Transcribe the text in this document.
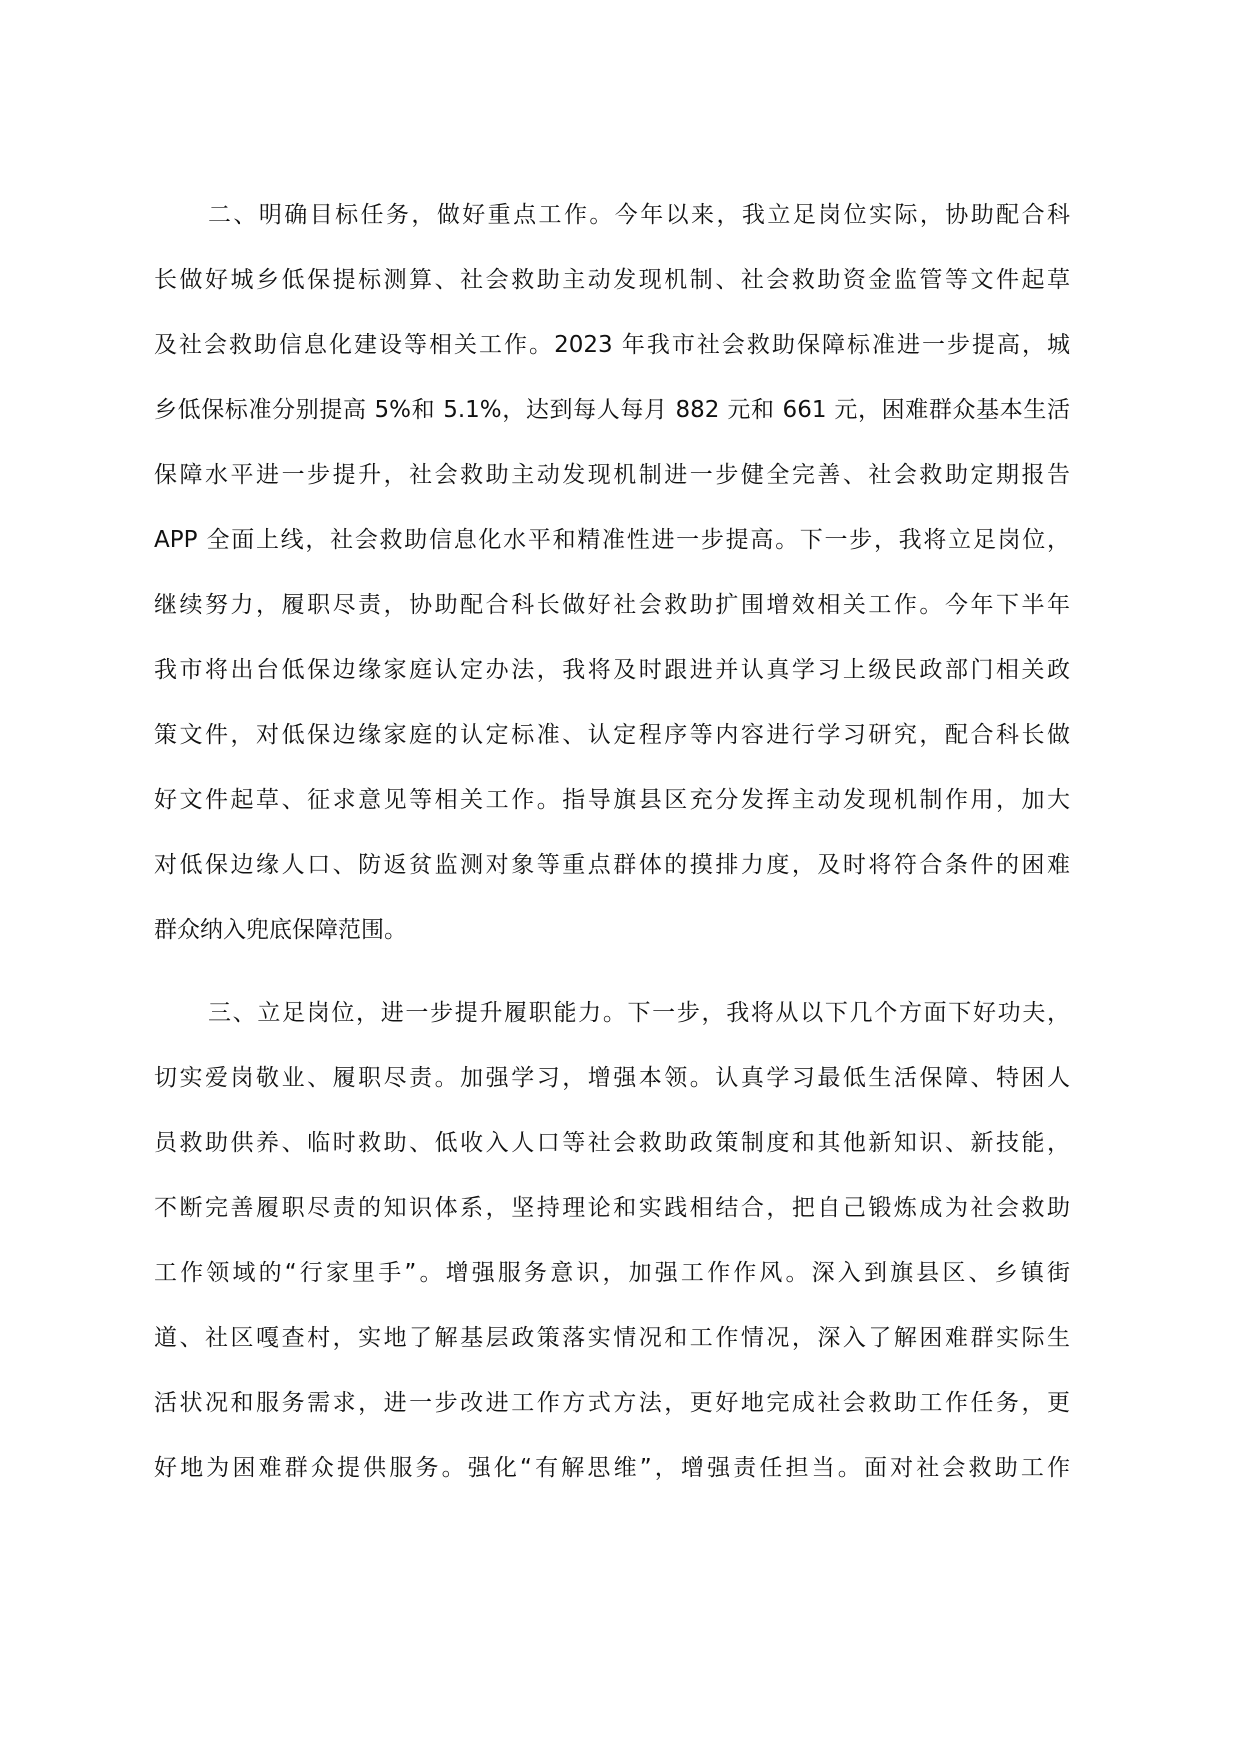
二、明确目标任务，做好重点工作。今年以来，我立足岗位实际，协助配合科
长做好城乡低保提标测算、社会救助主动发现机制、社会救助资金监管等文件起草
及社会救助信息化建设等相关工作。2023 年我市社会救助保障标准进一步提高，城
乡低保标准分别提高 5%和 5.1%，达到每人每月 882 元和 661 元，困难群众基本生活
保障水平进一步提升，社会救助主动发现机制进一步健全完善、社会救助定期报告
APP 全面上线，社会救助信息化水平和精准性进一步提高。下一步，我将立足岗位，
继续努力，履职尽责，协助配合科长做好社会救助扩围增效相关工作。今年下半年
我市将出台低保边缘家庭认定办法，我将及时跟进并认真学习上级民政部门相关政
策文件，对低保边缘家庭的认定标准、认定程序等内容进行学习研究，配合科长做
好文件起草、征求意见等相关工作。指导旗县区充分发挥主动发现机制作用，加大
对低保边缘人口、防返贫监测对象等重点群体的摸排力度，及时将符合条件的困难
群众纳入兜底保障范围。
三、立足岗位，进一步提升履职能力。下一步，我将从以下几个方面下好功夫，
切实爱岗敬业、履职尽责。加强学习，增强本领。认真学习最低生活保障、特困人
员救助供养、临时救助、低收入人口等社会救助政策制度和其他新知识、新技能，
不断完善履职尽责的知识体系，坚持理论和实践相结合，把自己锻炼成为社会救助
工作领域的“行家里手”。增强服务意识，加强工作作风。深入到旗县区、乡镇街
道、社区嘎查村，实地了解基层政策落实情况和工作情况，深入了解困难群实际生
活状况和服务需求，进一步改进工作方式方法，更好地完成社会救助工作任务，更
好地为困难群众提供服务。强化“有解思维”，增强责任担当。面对社会救助工作
